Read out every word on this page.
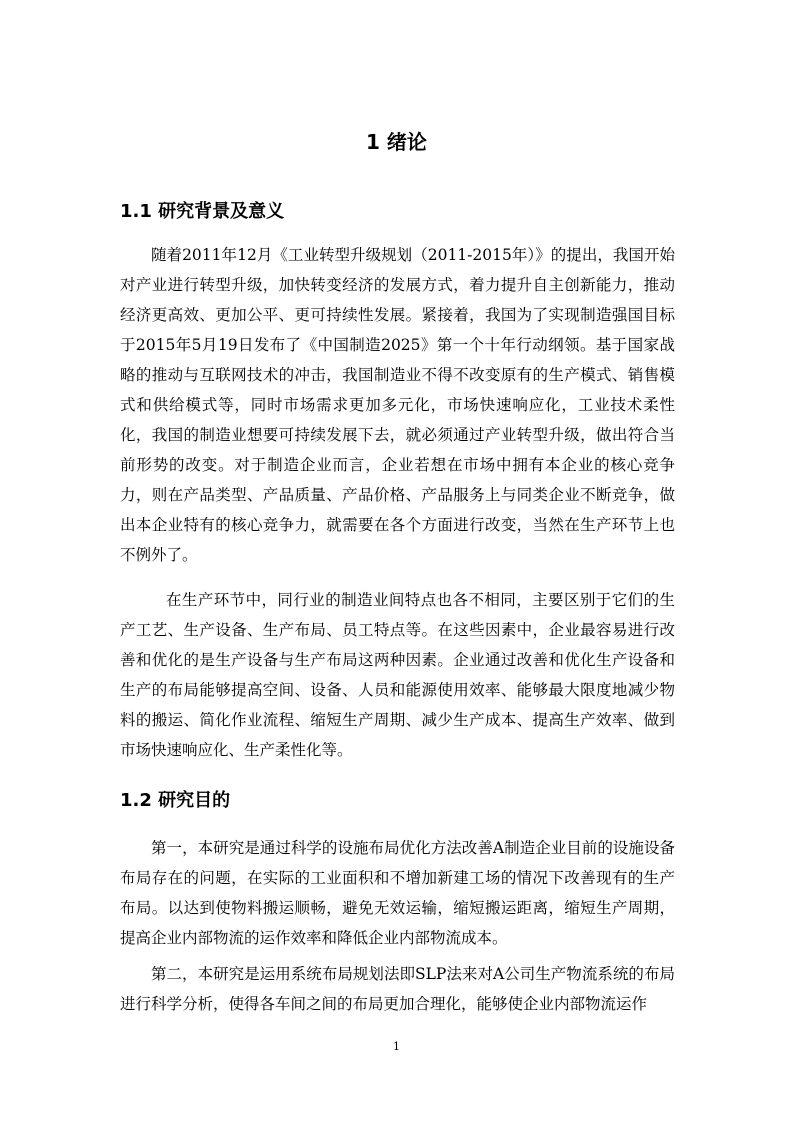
1 绪论
1.1 研究背景及意义

随着2011年12月《工业转型升级规划（2011-2015年）》的提出，我国开始对产业进行转型升级，加快转变经济的发展方式，着力提升自主创新能力，推动经济更高效、更加公平、更可持续性发展。紧接着，我国为了实现制造强国目标于2015年5月19日发布了《中国制造2025》第一个十年行动纲领。基于国家战略的推动与互联网技术的冲击，我国制造业不得不改变原有的生产模式、销售模式和供给模式等，同时市场需求更加多元化，市场快速响应化，工业技术柔性化，我国的制造业想要可持续发展下去，就必须通过产业转型升级，做出符合当前形势的改变。对于制造企业而言，企业若想在市场中拥有本企业的核心竞争力，则在产品类型、产品质量、产品价格、产品服务上与同类企业不断竞争，做出本企业特有的核心竞争力，就需要在各个方面进行改变，当然在生产环节上也不例外了。

在生产环节中，同行业的制造业间特点也各不相同，主要区别于它们的生产工艺、生产设备、生产布局、员工特点等。在这些因素中，企业最容易进行改善和优化的是生产设备与生产布局这两种因素。企业通过改善和优化生产设备和生产的布局能够提高空间、设备、人员和能源使用效率、能够最大限度地减少物料的搬运、简化作业流程、缩短生产周期、减少生产成本、提高生产效率、做到市场快速响应化、生产柔性化等。

1.2 研究目的

第一，本研究是通过科学的设施布局优化方法改善A制造企业目前的设施设备布局存在的问题，在实际的工业面积和不增加新建工场的情况下改善现有的生产布局。以达到使物料搬运顺畅，避免无效运输，缩短搬运距离，缩短生产周期，提高企业内部物流的运作效率和降低企业内部物流成本。

第二，本研究是运用系统布局规划法即SLP法来对A公司生产物流系统的布局进行科学分析，使得各车间之间的布局更加合理化，能够使企业内部物流运作

1
